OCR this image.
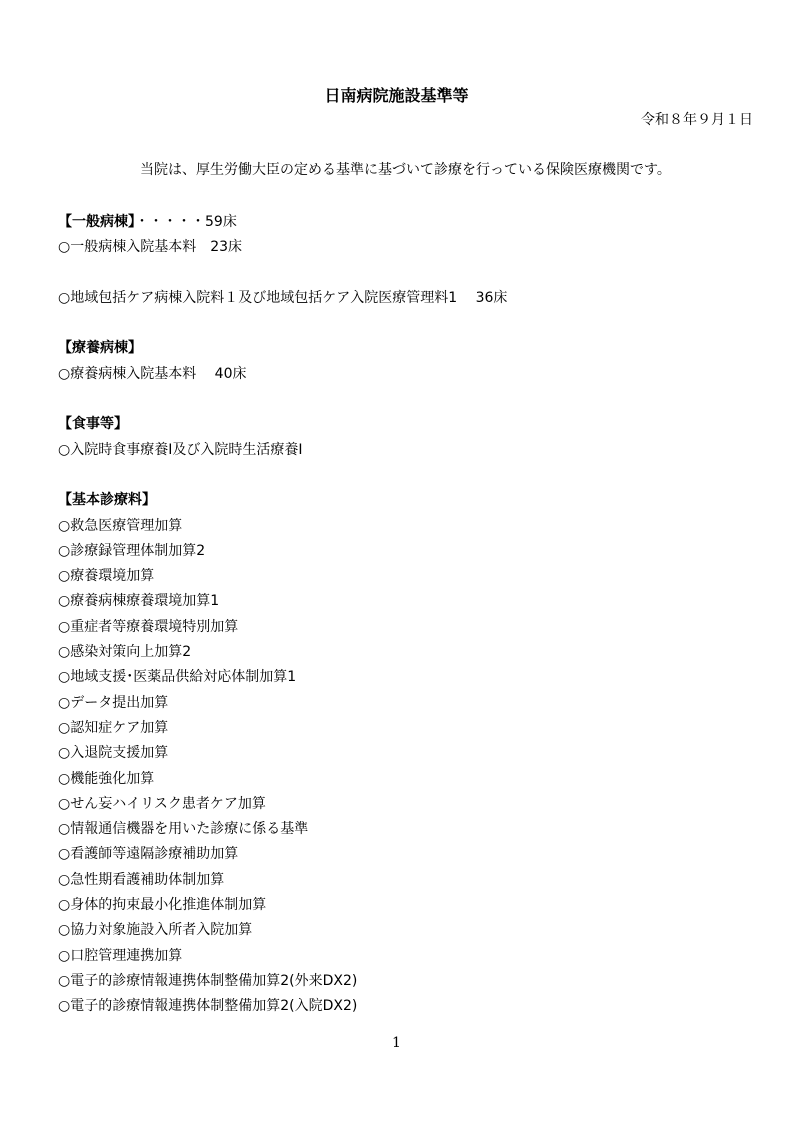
日南病院施設基準等
令和８年９月１日
当院は、厚生労働大臣の定める基準に基づいて診療を行っている保険医療機関です。
【一般病棟】・・・・・59床
○一般病棟入院基本料　23床
○地域包括ケア病棟入院料１及び地域包括ケア入院医療管理料1　 36床
【療養病棟】
○療養病棟入院基本料　 40床
【食事等】
○入院時食事療養Ⅰ及び入院時生活療養Ⅰ
【基本診療料】
○救急医療管理加算
○診療録管理体制加算2
○療養環境加算
○療養病棟療養環境加算1
○重症者等療養環境特別加算
○感染対策向上加算2
○地域支援･医薬品供給対応体制加算1
○データ提出加算
○認知症ケア加算
○入退院支援加算
○機能強化加算
○せん妄ハイリスク患者ケア加算
○情報通信機器を用いた診療に係る基準
○看護師等遠隔診療補助加算
○急性期看護補助体制加算
○身体的拘束最小化推進体制加算
○協力対象施設入所者入院加算
○口腔管理連携加算
○電子的診療情報連携体制整備加算2(外来DX2)
○電子的診療情報連携体制整備加算2(入院DX2)
1
